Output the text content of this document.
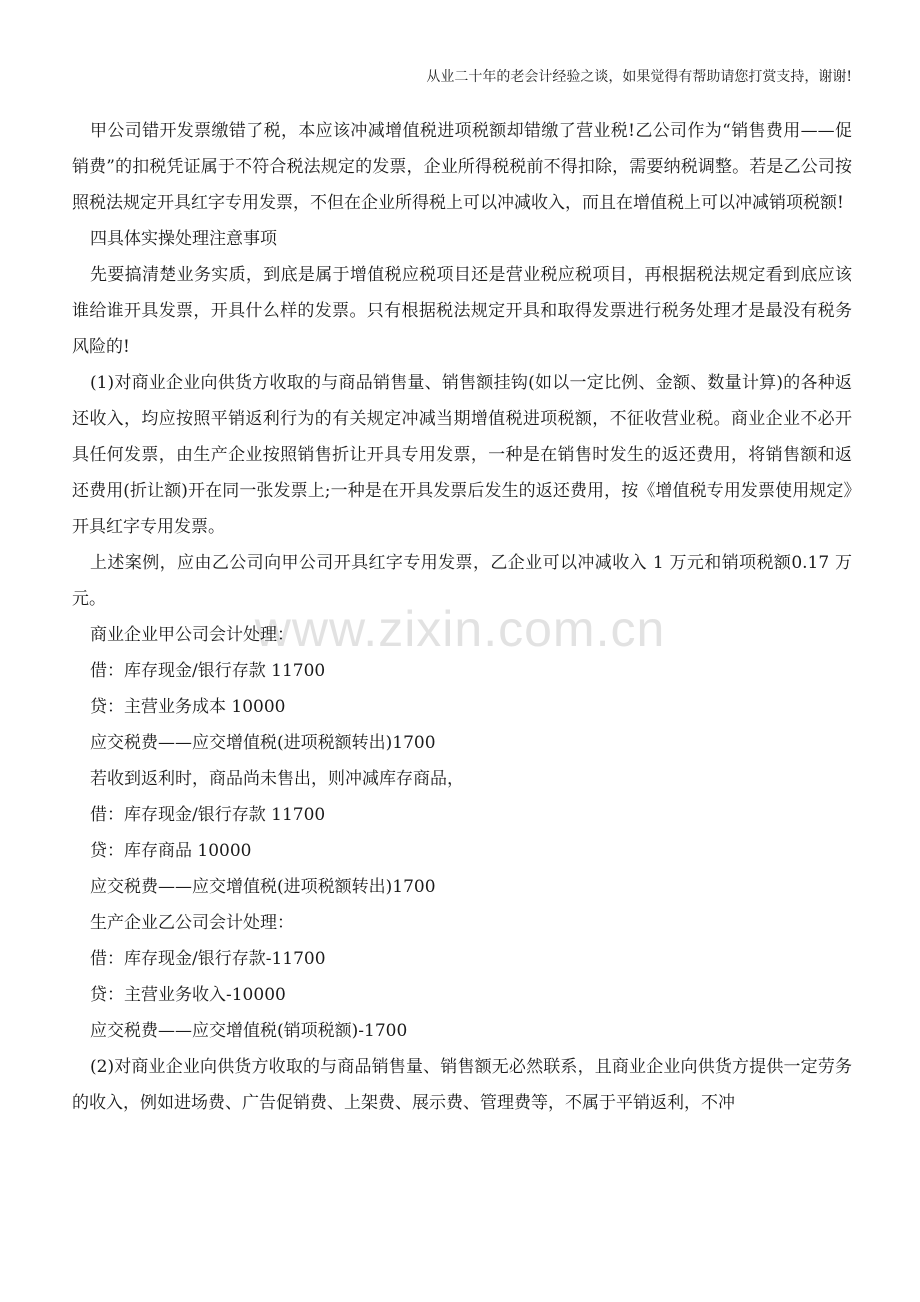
从业二十年的老会计经验之谈，如果觉得有帮助请您打赏支持，谢谢!
www.zixin.com.cn

甲公司错开发票缴错了税，本应该冲减增值税进项税额却错缴了营业税!乙公司作为“销售费用——促销费”的扣税凭证属于不符合税法规定的发票，企业所得税税前不得扣除，需要纳税调整。若是乙公司按照税法规定开具红字专用发票，不但在企业所得税上可以冲减收入，而且在增值税上可以冲减销项税额!

四具体实操处理注意事项

先要搞清楚业务实质，到底是属于增值税应税项目还是营业税应税项目，再根据税法规定看到底应该谁给谁开具发票，开具什么样的发票。只有根据税法规定开具和取得发票进行税务处理才是最没有税务风险的!

(1)对商业企业向供货方收取的与商品销售量、销售额挂钩(如以一定比例、金额、数量计算)的各种返还收入，均应按照平销返利行为的有关规定冲减当期增值税进项税额，不征收营业税。商业企业不必开具任何发票，由生产企业按照销售折让开具专用发票，一种是在销售时发生的返还费用，将销售额和返还费用(折让额)开在同一张发票上;一种是在开具发票后发生的返还费用，按《增值税专用发票使用规定》开具红字专用发票。

上述案例，应由乙公司向甲公司开具红字专用发票，乙企业可以冲减收入 1 万元和销项税额0.17 万元。

商业企业甲公司会计处理：

借：库存现金/银行存款 11700

贷：主营业务成本 10000

应交税费——应交增值税(进项税额转出)1700

若收到返利时，商品尚未售出，则冲减库存商品，

借：库存现金/银行存款 11700

贷：库存商品 10000

应交税费——应交增值税(进项税额转出)1700

生产企业乙公司会计处理：

借：库存现金/银行存款-11700

贷：主营业务收入-10000

应交税费——应交增值税(销项税额)-1700

(2)对商业企业向供货方收取的与商品销售量、销售额无必然联系，且商业企业向供货方提供一定劳务的收入，例如进场费、广告促销费、上架费、展示费、管理费等，不属于平销返利，不冲
